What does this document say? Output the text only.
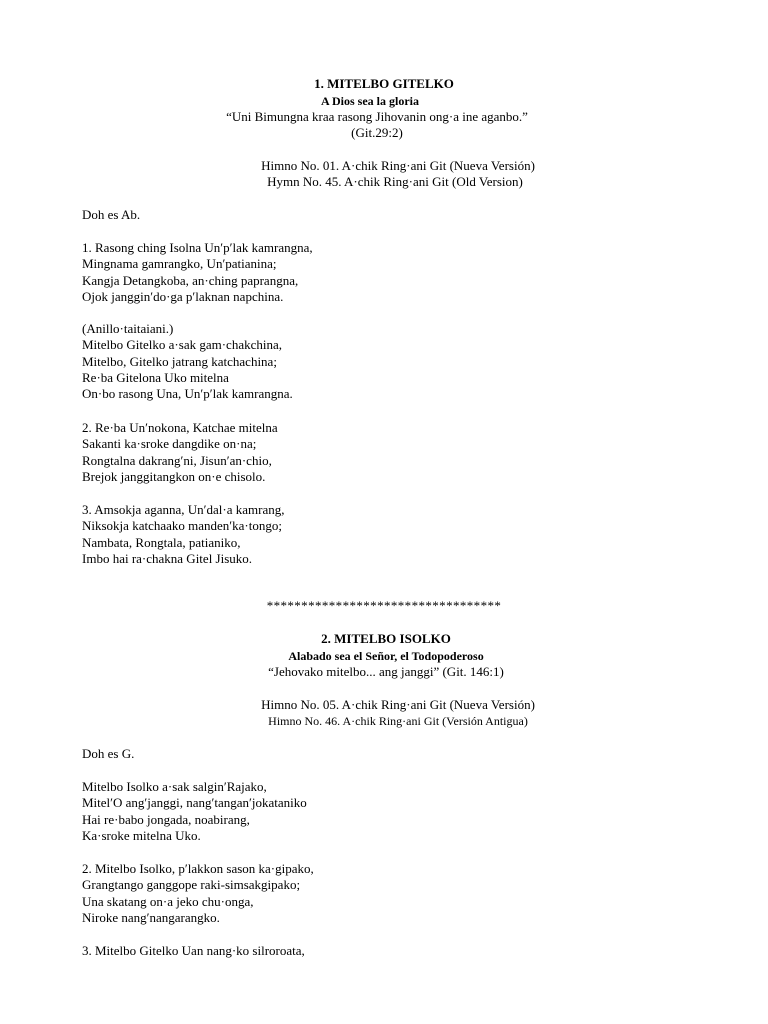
1. MITELBO GITELKO
A Dios sea la gloria
“Uni Bimungna kraa rasong Jihovanin ong·a ine aganbo.”
(Git.29:2)
Himno No. 01. A·chik Ring·ani Git (Nueva Versión)
Hymn No. 45. A·chik Ring·ani Git (Old Version)
Doh es Ab.
1. Rasong ching Isolna Un′p′lak kamrangna,
Mingnama gamrangko, Un′patianina;
Kangja Detangkoba, an·ching paprangna,
Ojok janggin′do·ga p′laknan napchina.
(Anillo·taitaiani.)
Mitelbo Gitelko a·sak gam·chakchina,
Mitelbo, Gitelko jatrang katchachina;
Re·ba Gitelona Uko mitelna
On·bo rasong Una, Un′p′lak kamrangna.
2. Re·ba Un′nokona, Katchae mitelna
Sakanti ka·sroke dangdike on·na;
Rongtalna dakrang′ni, Jisun′an·chio,
Brejok janggitangkon on·e chisolo.
3. Amsokja aganna, Un′dal·a kamrang,
Niksokja katchaako manden′ka·tongo;
Nambata, Rongtala, patianiko,
Imbo hai ra·chakna Gitel Jisuko.
**********************************
2. MITELBO ISOLKO
Alabado sea el Señor, el Todopoderoso
“Jehovako mitelbo... ang janggi” (Git. 146:1)
Himno No. 05. A·chik Ring·ani Git (Nueva Versión)
Himno No. 46. A·chik Ring·ani Git (Versión Antigua)
Doh es G.
Mitelbo Isolko a·sak salgin′Rajako,
Mitel′O ang′janggi, nang′tangan′jokataniko
Hai re·babo jongada, noabirang,
Ka·sroke mitelna Uko.
2. Mitelbo Isolko, p′lakkon sason ka·gipako,
Grangtango ganggope raki-simsakgipako;
Una skatang on·a jeko chu·onga,
Niroke nang′nangarangko.
3. Mitelbo Gitelko Uan nang·ko silroroata,
